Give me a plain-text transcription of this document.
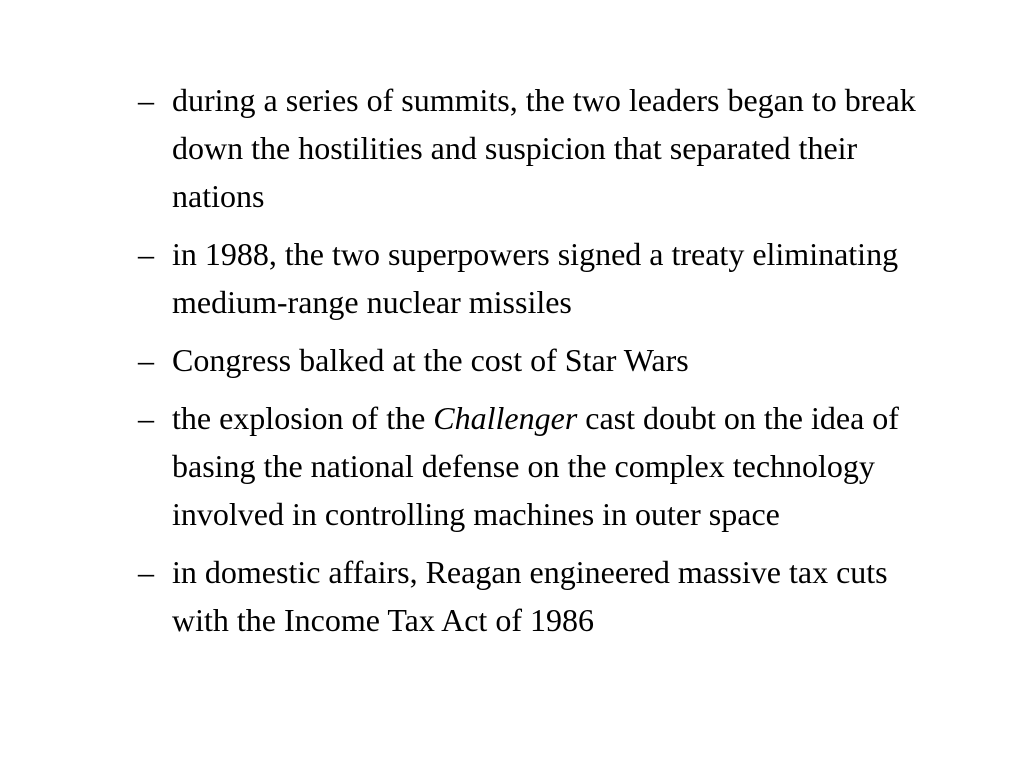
– during a series of summits, the two leaders began to break down the hostilities and suspicion that separated their nations
– in 1988, the two superpowers signed a treaty eliminating medium-range nuclear missiles
– Congress balked at the cost of Star Wars
– the explosion of the Challenger cast doubt on the idea of basing the national defense on the complex technology involved in controlling machines in outer space
– in domestic affairs, Reagan engineered massive tax cuts with the Income Tax Act of 1986
